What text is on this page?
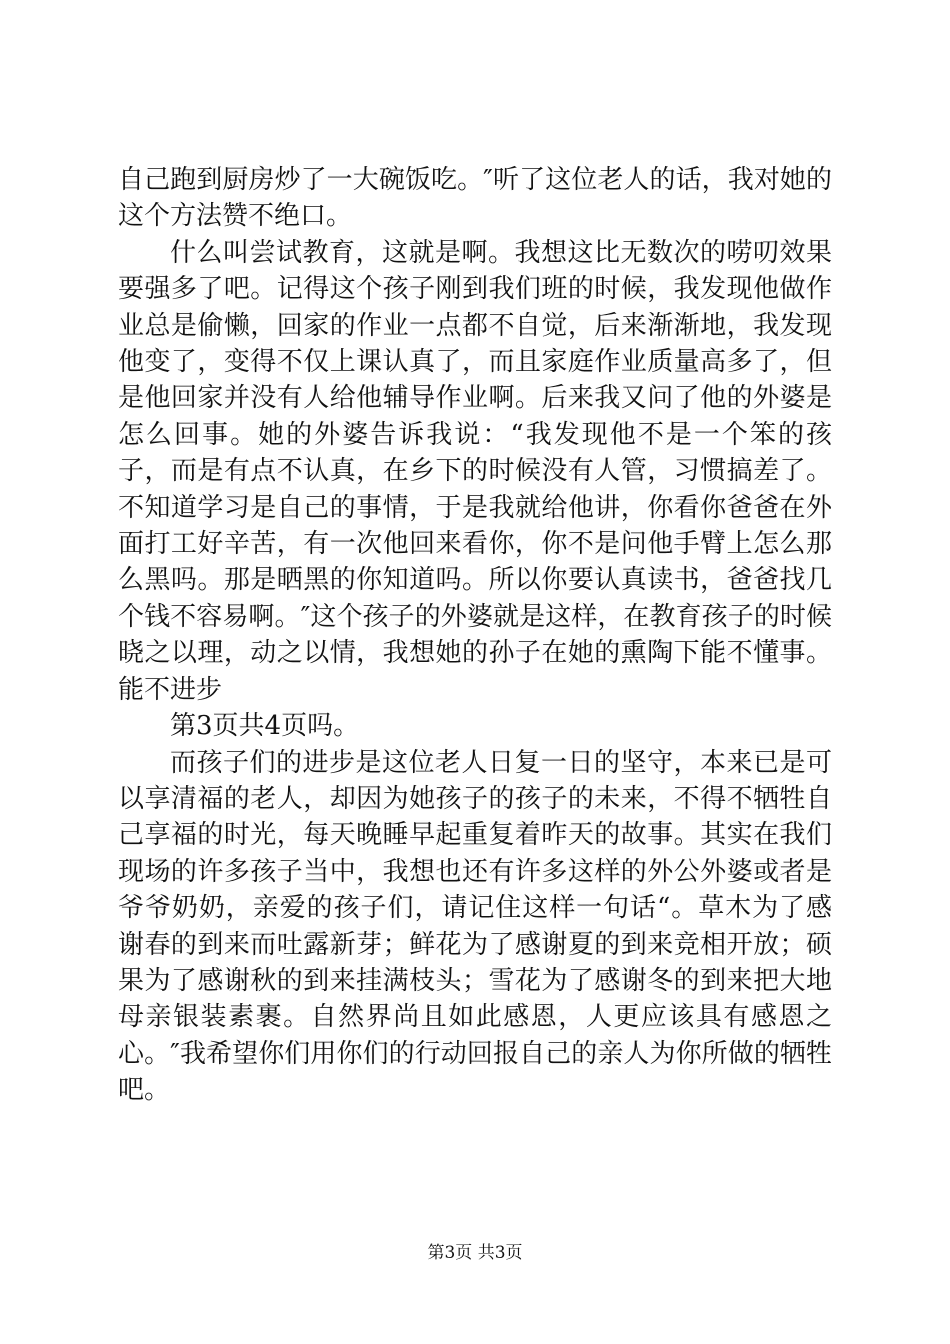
自己跑到厨房炒了一大碗饭吃。″听了这位老人的话，我对她的这个方法赞不绝口。

什么叫尝试教育，这就是啊。我想这比无数次的唠叨效果要强多了吧。记得这个孩子刚到我们班的时候，我发现他做作业总是偷懒，回家的作业一点都不自觉，后来渐渐地，我发现他变了，变得不仅上课认真了，而且家庭作业质量高多了，但是他回家并没有人给他辅导作业啊。后来我又问了他的外婆是怎么回事。她的外婆告诉我说：“我发现他不是一个笨的孩子，而是有点不认真，在乡下的时候没有人管，习惯搞差了。不知道学习是自己的事情，于是我就给他讲，你看你爸爸在外面打工好辛苦，有一次他回来看你，你不是问他手臂上怎么那么黑吗。那是晒黑的你知道吗。所以你要认真读书，爸爸找几个钱不容易啊。″这个孩子的外婆就是这样，在教育孩子的时候晓之以理，动之以情，我想她的孙子在她的熏陶下能不懂事。能不进步

第3页共4页吗。

而孩子们的进步是这位老人日复一日的坚守，本来已是可以享清福的老人，却因为她孩子的孩子的未来，不得不牺牲自己享福的时光，每天晚睡早起重复着昨天的故事。其实在我们现场的许多孩子当中，我想也还有许多这样的外公外婆或者是爷爷奶奶，亲爱的孩子们，请记住这样一句话“。草木为了感谢春的到来而吐露新芽；鲜花为了感谢夏的到来竞相开放；硕果为了感谢秋的到来挂满枝头；雪花为了感谢冬的到来把大地母亲银装素裹。自然界尚且如此感恩，人更应该具有感恩之心。″我希望你们用你们的行动回报自己的亲人为你所做的牺牲吧。

第3页 共3页
